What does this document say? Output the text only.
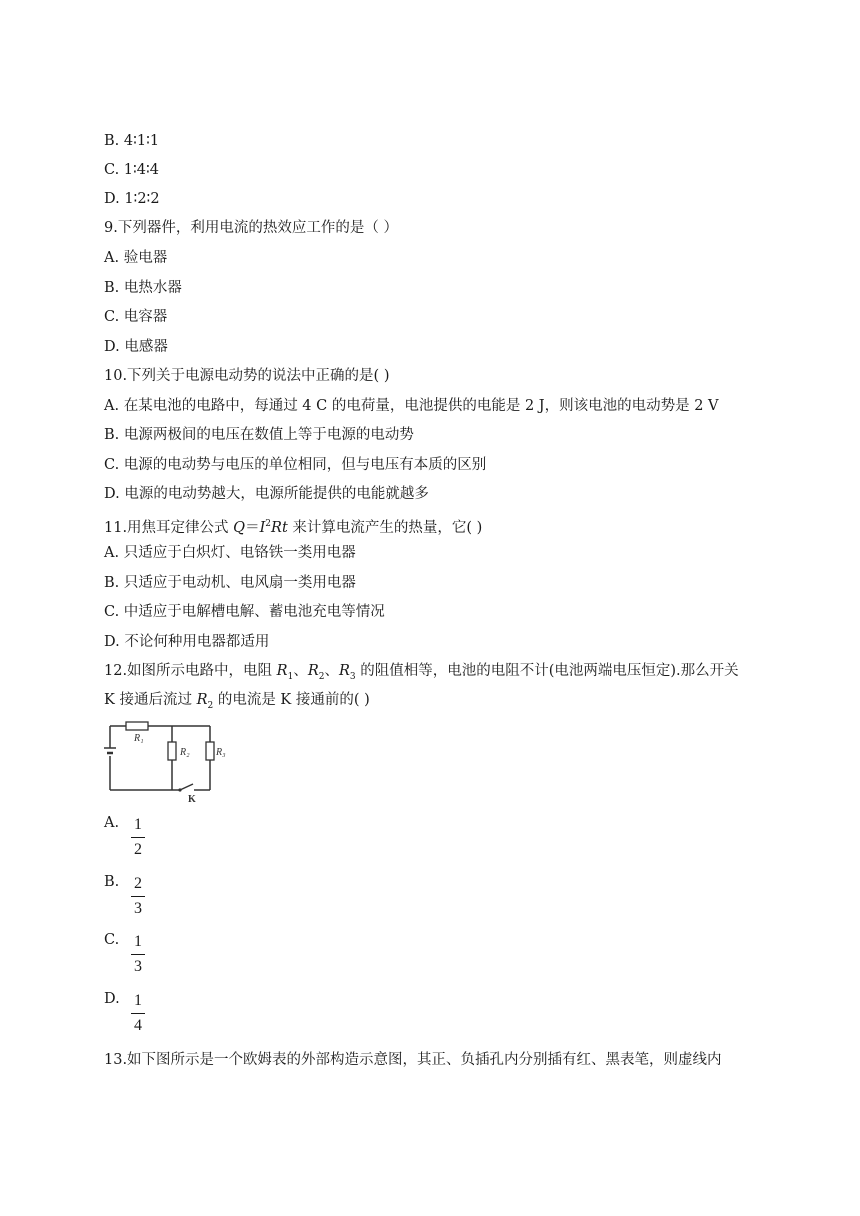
B. 4∶1∶1
C. 1∶4∶4
D. 1∶2∶2
9.下列器件，利用电流的热效应工作的是（ ）
A. 验电器
B. 电热水器
C. 电容器
D. 电感器
10.下列关于电源电动势的说法中正确的是( )
A. 在某电池的电路中，每通过 4 C 的电荷量，电池提供的电能是 2 J，则该电池的电动势是 2 V
B. 电源两极间的电压在数值上等于电源的电动势
C. 电源的电动势与电压的单位相同，但与电压有本质的区别
D. 电源的电动势越大，电源所能提供的电能就越多
11.用焦耳定律公式 $Q=I^2Rt$ 来计算电流产生的热量，它( )
A. 只适应于白炽灯、电铬铁一类用电器
B. 只适应于电动机、电风扇一类用电器
C. 中适应于电解槽电解、蓄电池充电等情况
D. 不论何种用电器都适用
12.如图所示电路中，电阻 $R_1$、$R_2$、$R_3$ 的阻值相等，电池的电阻不计(电池两端电压恒定).那么开关
K 接通后流过 $R_2$ 的电流是 K 接通前的( )
R₁
R₂	R₃
K
A. 1
2
B. 2
3
C. 1
3
D. 1
4
13.如下图所示是一个欧姆表的外部构造示意图，其正、负插孔内分别插有红、黑表笔，则虚线内
